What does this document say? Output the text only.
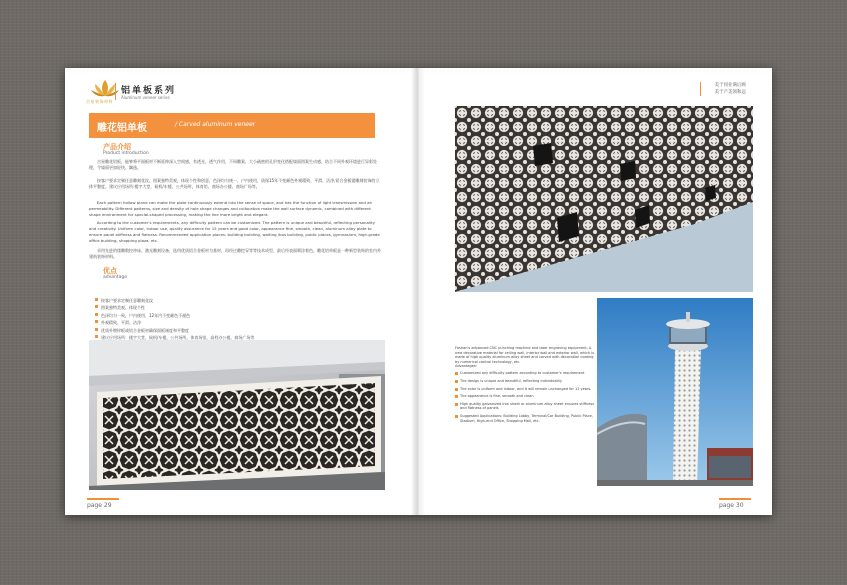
吉星装饰材料
铝单板系列
Aluminum veneer series
雕花铝单板	/ Carved aluminum veneer
产品介绍
Product introduction
　　吉星雕花铝板，能够将平面板材不断延伸深入空间感，有透光、透气作用，不同雕案、大小疏密的孔形变化搭配墙面图案生动感，结合不同外观环境进行异彩处理，令墙面更加轻快、飘逸。
　　按客户要求定制任意雕刻花纹、图案独特美观，体现个性和创意，色泽均匀统一，户内使用，质保15年不变颜色外观精致、平滑、洁净,铝合金板镂雕刻装饰的立体平整度。建议应用场所:楼宇大堂，候机/车楼，公共场所，体育馆，商场办公楼，商场广场等。
　　Each pattern hollow plane can make the plate continuously extend into the sense of space, and has the function of light transmission and air permeability. Different patterns, size and density of hole shape changes and collocation make the wall surface dynamic, combined with different shape environment for special-shaped processing, making the line more bright and elegant.
　　According to the customer's requirements, any difficulty pattern can be customized. The pattern is unique and beautiful, reflecting personality and creativity. Uniform color, indoor use, quality assurance for 15 years and good color, appearance fine, smooth, clean, aluminum alloy plate to ensure panel stiffness and flatness. Recommended application places: building building, waiting /bus building, public places, gymnasium, high-grade office building, shopping plaza, etc.
　　采用先进的镂雕数控冲床、激光雕刻设备，选用优质铝合金板材为基材，再经过雕挖穿等等技术成型，最后经表面喷涂着色。雕花铝单板是一种新型装饰的室内外建筑装饰材料。
优点
advantage
按客户要求定制任意雕刻花纹
图案独特美观，体现个性
色泽均匀一致，户内使用，12年内不变颜色不褪色
外观精致、平滑、洁净
优质外镀锌板或铝合金板材确保面板刚度和平整度
建议应用场所：楼宇大堂，候机/车楼，公共场所，体育场馆，高档办公楼，商场广场等
page 29
美于同业满后顾
美于产美领和远

Foshan's advanced CNC punching machine and laser engraving equipment. A new decorative material for ceiling wall, interior wall and exterior wall, which is made of high quality aluminum alloy sheet and carved with decoration coating by numerical control technology, etc.

Advantages:
Customized any difficulty pattern according to customer's requirement
The design is unique and beautiful, reflecting individuality
The color is uniform and indoor, and it will remain unchanged for 12 years.
The appearance is fine, smooth and clean
High quality galvanized iron sheet or aluminum alloy sheet ensures stiffness and flatness of panels
Suggested Applications: Building Lobby, Terminal/Car Building, Public Place, Stadium, High-end Office, Shopping Mall, etc.
page 30
